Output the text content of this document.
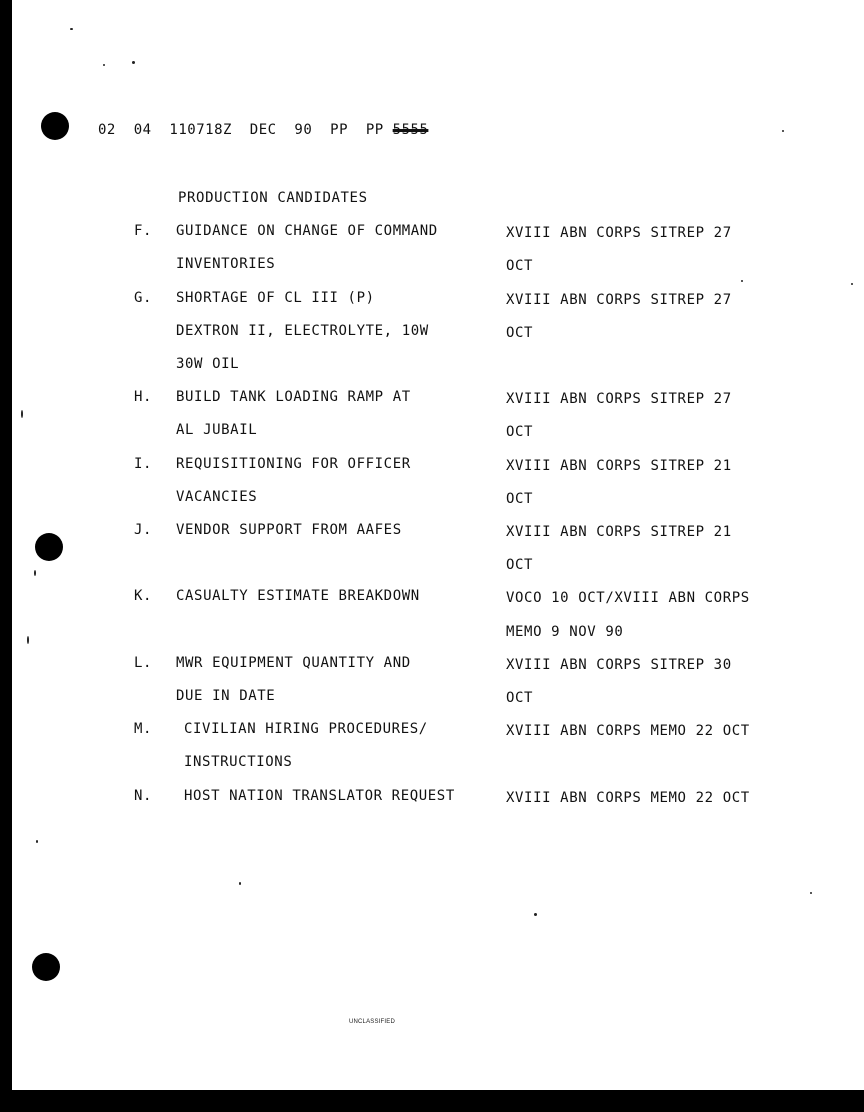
02  04  110718Z  DEC  90  PP  PP 5555
PRODUCTION CANDIDATES
F. GUIDANCE ON CHANGE OF COMMAND
INVENTORIES
XVIII ABN CORPS SITREP 27
OCT
G. SHORTAGE OF CL III (P)
DEXTRON II, ELECTROLYTE, 10W
30W OIL
XVIII ABN CORPS SITREP 27
OCT
H. BUILD TANK LOADING RAMP AT
AL JUBAIL
XVIII ABN CORPS SITREP 27
OCT
I. REQUISITIONING FOR OFFICER
VACANCIES
XVIII ABN CORPS SITREP 21
OCT
J. VENDOR SUPPORT FROM AAFES	XVIII ABN CORPS SITREP 21
OCT
K. CASUALTY ESTIMATE BREAKDOWN	VOCO 10 OCT/XVIII ABN CORPS
MEMO 9 NOV 90
L. MWR EQUIPMENT QUANTITY AND
DUE IN DATE
XVIII ABN CORPS SITREP 30
OCT
M. CIVILIAN HIRING PROCEDURES/
INSTRUCTIONS
XVIII ABN CORPS MEMO 22 OCT
N. HOST NATION TRANSLATOR REQUEST	XVIII ABN CORPS MEMO 22 OCT
UNCLASSIFIED
